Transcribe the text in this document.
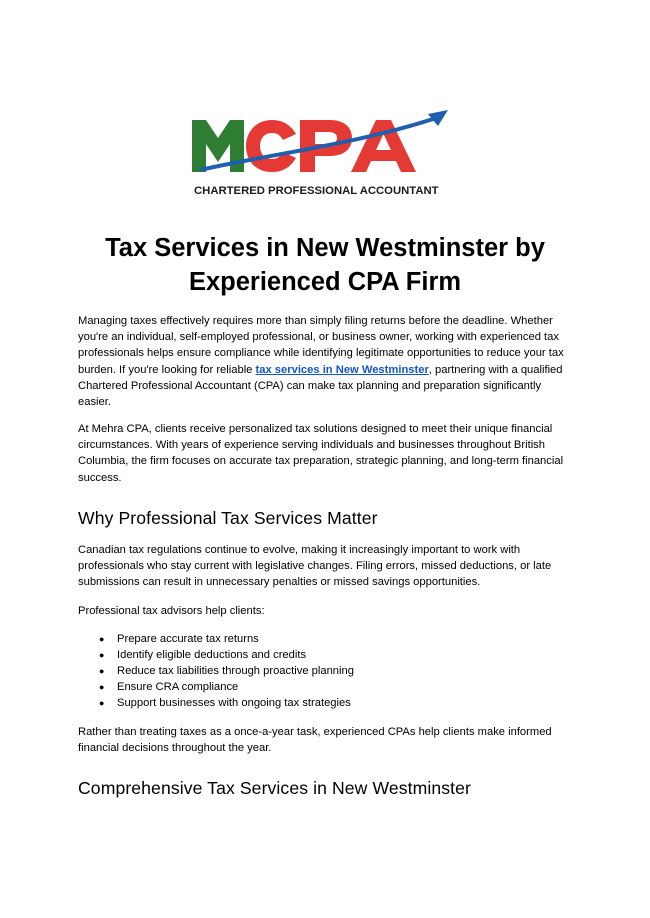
CHARTERED PROFESSIONAL ACCOUNTANT
Tax Services in New Westminster by
Experienced CPA Firm

Managing taxes effectively requires more than simply filing returns before the deadline. Whether you're an individual, self-employed professional, or business owner, working with experienced tax professionals helps ensure compliance while identifying legitimate opportunities to reduce your tax burden. If you're looking for reliable tax services in New Westminster, partnering with a qualified Chartered Professional Accountant (CPA) can make tax planning and preparation significantly easier.

At Mehra CPA, clients receive personalized tax solutions designed to meet their unique financial circumstances. With years of experience serving individuals and businesses throughout British Columbia, the firm focuses on accurate tax preparation, strategic planning, and long-term financial success.

Why Professional Tax Services Matter

Canadian tax regulations continue to evolve, making it increasingly important to work with professionals who stay current with legislative changes. Filing errors, missed deductions, or late submissions can result in unnecessary penalties or missed savings opportunities.

Professional tax advisors help clients:

● Prepare accurate tax returns
● Identify eligible deductions and credits
● Reduce tax liabilities through proactive planning
● Ensure CRA compliance
● Support businesses with ongoing tax strategies

Rather than treating taxes as a once-a-year task, experienced CPAs help clients make informed financial decisions throughout the year.

Comprehensive Tax Services in New Westminster
